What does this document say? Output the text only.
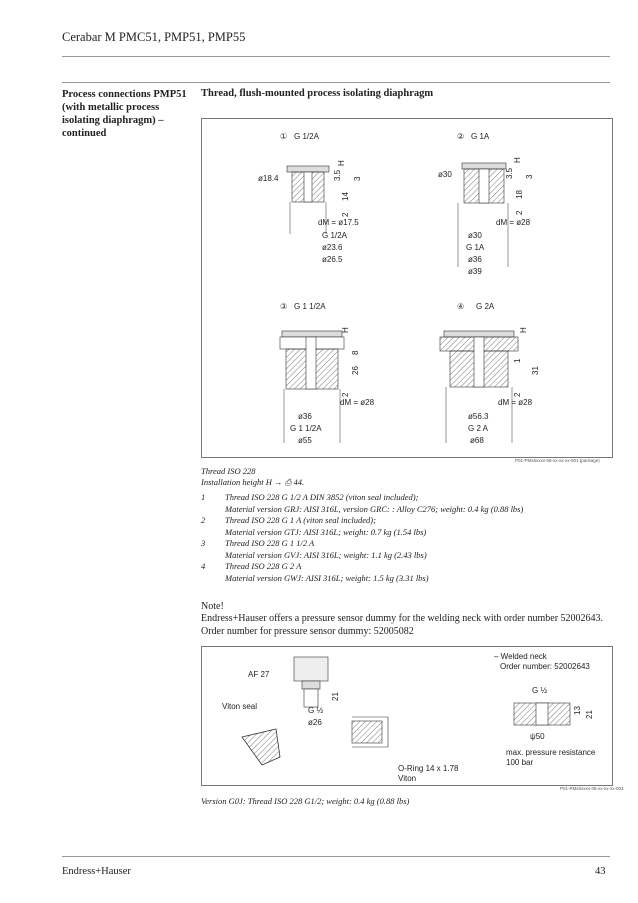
Cerabar M PMC51, PMP51, PMP55
Process connections PMP51
(with metallic process
isolating diaphragm) –
continued
Thread, flush-mounted process isolating diaphragm
① G 1/2A
H
3.5 3
14
2
ø18.4
dM = ø17.5
G 1/2A
ø23.6
ø26.5
② G 1A
H
3.5 3
18
2
ø30
dM = ø28
ø30
G 1A
ø36
ø39
③ G 1 1/2A
H
8
26
2
dM = ø28
ø36
G 1 1/2A
ø55
④ G 2A
H
1
31
2
dM = ø28
ø56.3
G 2 A
ø68
P01-PMx5xxxx-06-xx-xx-xx-001 (package)
Thread ISO 228
Installation height H → ⎙ 44.
1 Thread ISO 228 G 1/2 A DIN 3852 (viton seal included);
Material version GRJ: AISI 316L, version GRC: : Alloy C276; weight: 0.4 kg (0.88 lbs)
2 Thread ISO 228 G 1 A (viton seal included);
Material version GTJ: AISI 316L; weight: 0.7 kg (1.54 lbs)
3 Thread ISO 228 G 1 1/2 A
Material version GVJ: AISI 316L; weight: 1.1 kg (2.43 lbs)
4 Thread ISO 228 G 2 A
Material version GWJ: AISI 316L; weight: 1.5 kg (3.31 lbs)
Note!
Endress+Hauser offers a pressure sensor dummy for the welding neck with order number 52002643. Order number for pressure sensor dummy: 52005082
AF 27
21
G ½
ø26
Viton seal
O-Ring 14 x 1.78
Viton
– Welded neck
Order number: 52002643
G ½
13 21
ψ50
max. pressure resistance
100 bar
P01-PMx5xxxx-06-xx-xx-xx-003
Version G0J: Thread ISO 228 G1/2; weight: 0.4 kg (0.88 lbs)
Endress+Hauser	43
